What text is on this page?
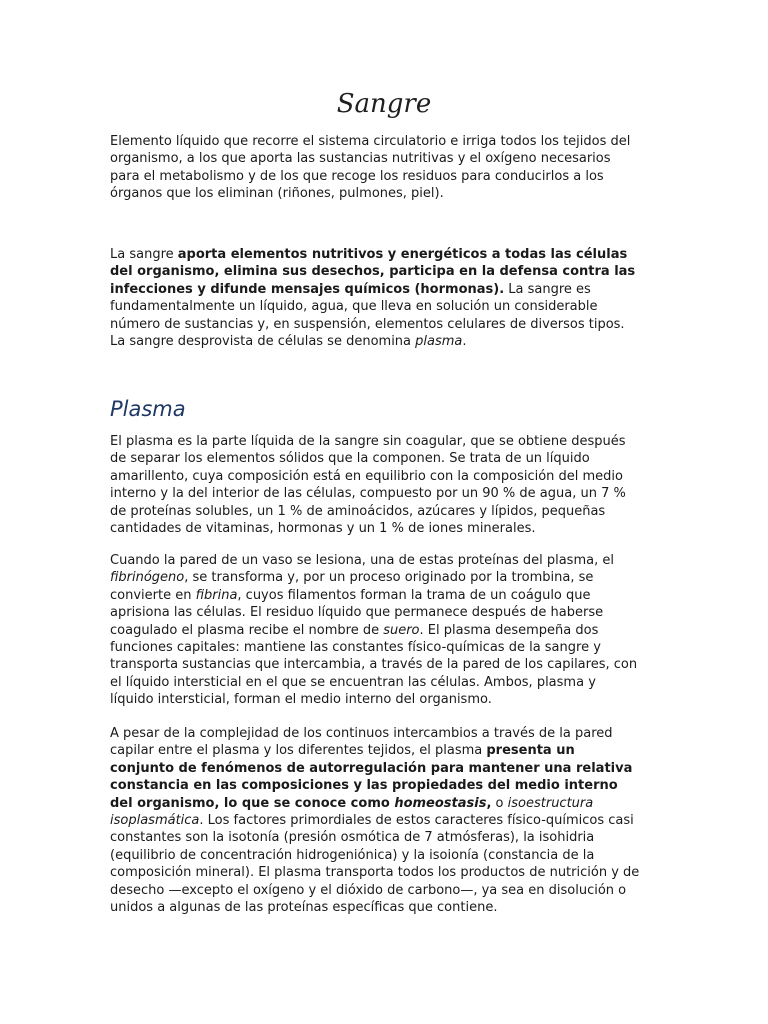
Sangre

Elemento líquido que recorre el sistema circulatorio e irriga todos los tejidos del organismo, a los que aporta las sustancias nutritivas y el oxígeno necesarios para el metabolismo y de los que recoge los residuos para conducirlos a los órganos que los eliminan (riñones, pulmones, piel).

La sangre aporta elementos nutritivos y energéticos a todas las células del organismo, elimina sus desechos, participa en la defensa contra las infecciones y difunde mensajes químicos (hormonas). La sangre es fundamentalmente un líquido, agua, que lleva en solución un considerable número de sustancias y, en suspensión, elementos celulares de diversos tipos. La sangre desprovista de células se denomina plasma.

Plasma

El plasma es la parte líquida de la sangre sin coagular, que se obtiene después de separar los elementos sólidos que la componen. Se trata de un líquido amarillento, cuya composición está en equilibrio con la composición del medio interno y la del interior de las células, compuesto por un 90 % de agua, un 7 % de proteínas solubles, un 1 % de aminoácidos, azúcares y lípidos, pequeñas cantidades de vitaminas, hormonas y un 1 % de iones minerales.

Cuando la pared de un vaso se lesiona, una de estas proteínas del plasma, el fibrinógeno, se transforma y, por un proceso originado por la trombina, se convierte en fibrina, cuyos filamentos forman la trama de un coágulo que aprisiona las células. El residuo líquido que permanece después de haberse coagulado el plasma recibe el nombre de suero. El plasma desempeña dos funciones capitales: mantiene las constantes físico-químicas de la sangre y transporta sustancias que intercambia, a través de la pared de los capilares, con el líquido intersticial en el que se encuentran las células. Ambos, plasma y líquido intersticial, forman el medio interno del organismo.

A pesar de la complejidad de los continuos intercambios a través de la pared capilar entre el plasma y los diferentes tejidos, el plasma presenta un conjunto de fenómenos de autorregulación para mantener una relativa constancia en las composiciones y las propiedades del medio interno del organismo, lo que se conoce como homeostasis, o isoestructura isoplasmática. Los factores primordiales de estos caracteres físico-químicos casi constantes son la isotonía (presión osmótica de 7 atmósferas), la isohidria (equilibrio de concentración hidrogeniónica) y la isoionía (constancia de la composición mineral). El plasma transporta todos los productos de nutrición y de desecho —excepto el oxígeno y el dióxido de carbono—, ya sea en disolución o unidos a algunas de las proteínas específicas que contiene.
